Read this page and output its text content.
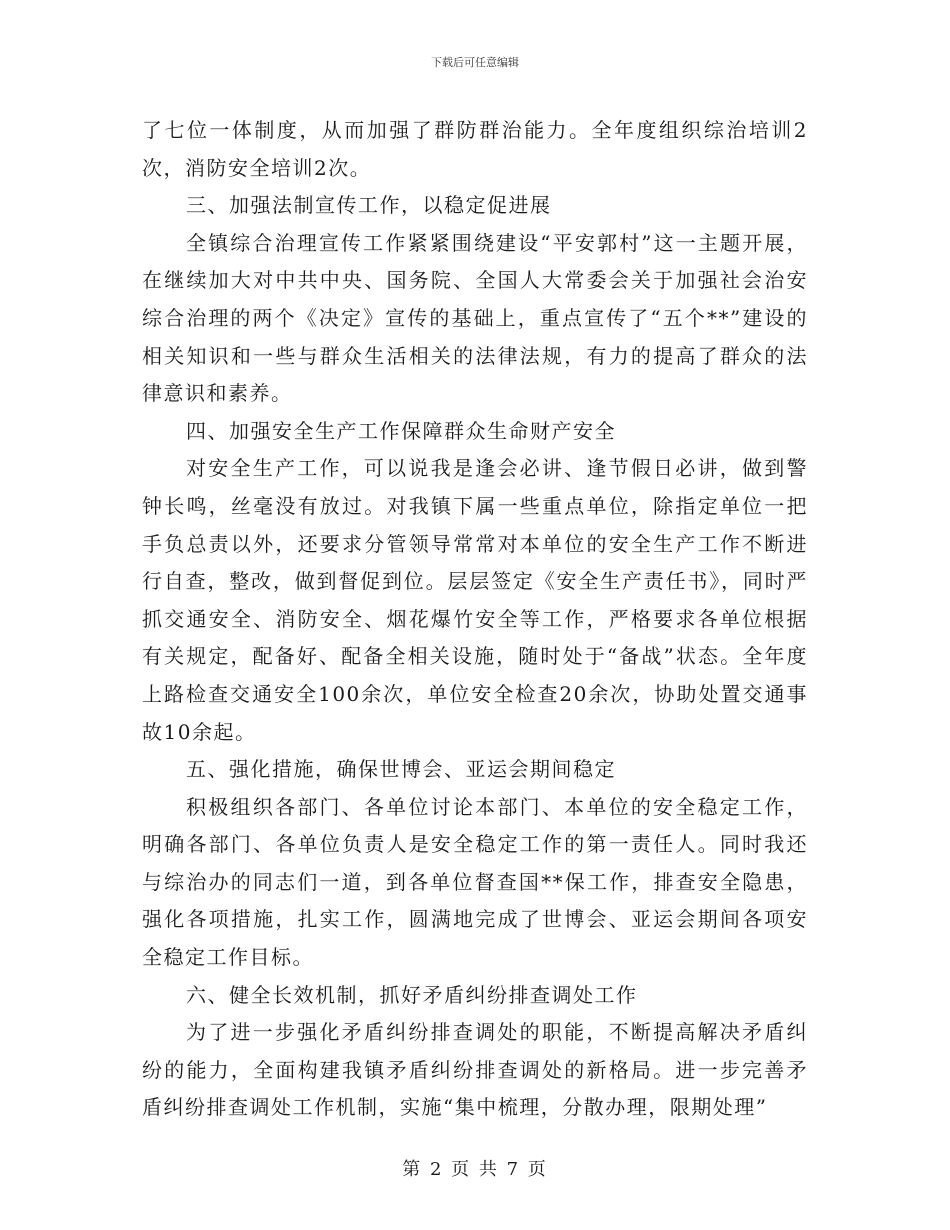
下载后可任意编辑

了七位一体制度，从而加强了群防群治能力。全年度组织综治培训2次，消防安全培训2次。

三、加强法制宣传工作，以稳定促进展

全镇综合治理宣传工作紧紧围绕建设“平安郭村”这一主题开展，在继续加大对中共中央、国务院、全国人大常委会关于加强社会治安综合治理的两个《决定》宣传的基础上，重点宣传了“五个**”建设的相关知识和一些与群众生活相关的法律法规，有力的提高了群众的法律意识和素养。

四、加强安全生产工作保障群众生命财产安全

对安全生产工作，可以说我是逢会必讲、逢节假日必讲，做到警钟长鸣，丝毫没有放过。对我镇下属一些重点单位，除指定单位一把手负总责以外，还要求分管领导常常对本单位的安全生产工作不断进行自查，整改，做到督促到位。层层签定《安全生产责任书》，同时严抓交通安全、消防安全、烟花爆竹安全等工作，严格要求各单位根据有关规定，配备好、配备全相关设施，随时处于“备战”状态。全年度上路检查交通安全100余次，单位安全检查20余次，协助处置交通事故10余起。

五、强化措施，确保世博会、亚运会期间稳定

积极组织各部门、各单位讨论本部门、本单位的安全稳定工作，明确各部门、各单位负责人是安全稳定工作的第一责任人。同时我还与综治办的同志们一道，到各单位督查国**保工作，排查安全隐患，强化各项措施，扎实工作，圆满地完成了世博会、亚运会期间各项安全稳定工作目标。

六、健全长效机制，抓好矛盾纠纷排查调处工作

为了进一步强化矛盾纠纷排查调处的职能，不断提高解决矛盾纠纷的能力，全面构建我镇矛盾纠纷排查调处的新格局。进一步完善矛盾纠纷排查调处工作机制，实施“集中梳理，分散办理，限期处理”

第 2 页 共 7 页
